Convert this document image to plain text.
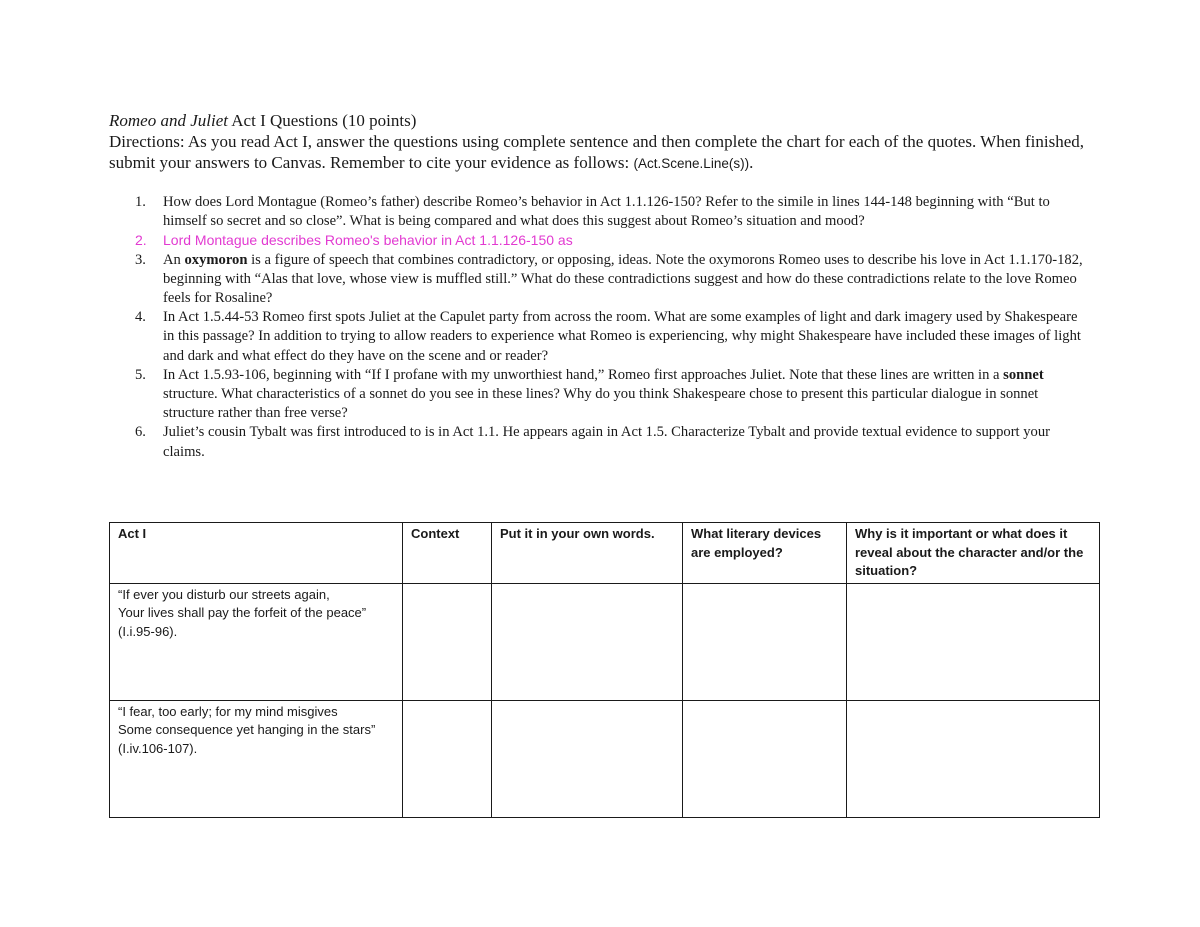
Romeo and Juliet Act I Questions (10 points)
Directions: As you read Act I, answer the questions using complete sentence and then complete the chart for each of the quotes. When finished, submit your answers to Canvas. Remember to cite your evidence as follows: (Act.Scene.Line(s)).
1. How does Lord Montague (Romeo’s father) describe Romeo’s behavior in Act 1.1.126-150? Refer to the simile in lines 144-148 beginning with “But to himself so secret and so close”. What is being compared and what does this suggest about Romeo’s situation and mood?
2. Lord Montague describes Romeo's behavior in Act 1.1.126-150 as
3. An oxymoron is a figure of speech that combines contradictory, or opposing, ideas. Note the oxymorons Romeo uses to describe his love in Act 1.1.170-182, beginning with “Alas that love, whose view is muffled still.” What do these contradictions suggest and how do these contradictions relate to the love Romeo feels for Rosaline?
4. In Act 1.5.44-53 Romeo first spots Juliet at the Capulet party from across the room. What are some examples of light and dark imagery used by Shakespeare in this passage? In addition to trying to allow readers to experience what Romeo is experiencing, why might Shakespeare have included these images of light and dark and what effect do they have on the scene and or reader?
5. In Act 1.5.93-106, beginning with “If I profane with my unworthiest hand,” Romeo first approaches Juliet. Note that these lines are written in a sonnet structure. What characteristics of a sonnet do you see in these lines? Why do you think Shakespeare chose to present this particular dialogue in sonnet structure rather than free verse?
6. Juliet’s cousin Tybalt was first introduced to is in Act 1.1. He appears again in Act 1.5. Characterize Tybalt and provide textual evidence to support your claims.
Act I	Context	Put it in your own words.	What literary devices are employed?	Why is it important or what does it reveal about the character and/or the situation?

“If ever you disturb our streets again,
Your lives shall pay the forfeit of the peace”
(I.i.95-96).				

“I fear, too early; for my mind misgives
Some consequence yet hanging in the stars”
(I.iv.106-107).				
